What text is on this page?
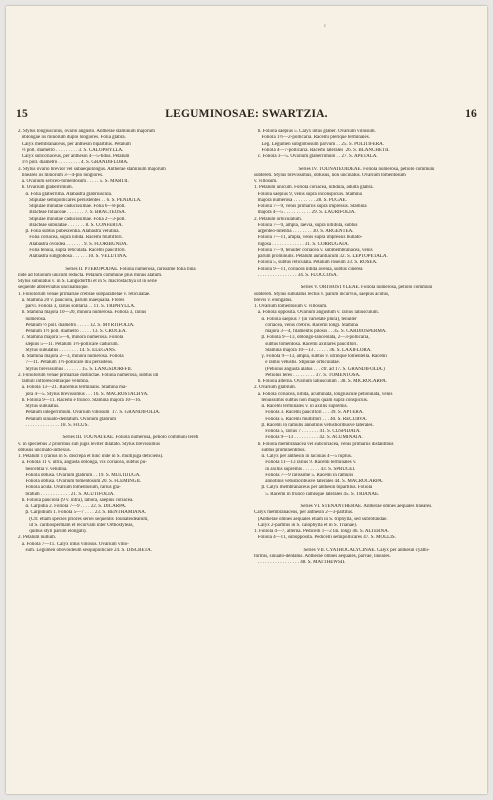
c
15	LEGUMINOSAE: SWARTZIA.	16
2. Stylus longiusculus, ovario angusto. Antherae staminum majorum
oblongae iis minorum duplo longiores. Folia glabra.
Calyx membranaceus, per anthesin bipartitus. Petalum
⅔ poll. diametro . . . . . . . . . 3. S. CALOPHYLLA.
Calyx subcoriaceus, per anthesin 4—5-fidus. Petalum
1½ poll. diametro . . . . . . . . . 4. S. GRANDIFLORA.
3. Stylus ovario brevior vel subaequilongus. Antherae staminum majorum
lineares iis minorum 3—4-plo longiores.
a. Ovarium sericeo-tomentosum . . . . . 5. S. MARTII.
b. Ovarium glaberrimum.
α. Folia glaberrima. Alabastra glabriuscula.
Stipulae semipollicares persistentes . . 6. S. PENDULA.
Stipulae minutae caducissimae. Folia 6—8-poll.
Bracteae foliaceae . . . . . . . 7. S. BRACTEOSA.
Stipulae minutae caducissimae. Folia 2—3-poll.
Bracteae subulatae . . . . . . . 8. S. CONFERTA.
β. Folia subtus pubescentia. Alabastra velutina.
Folia coriacea, supra nitida. Racemi multiflori.
Alabastra ovoidea . . . . . . . 9. S. FLORIBUNDA.
Folia tenuia, supra reticulata. Racemi pauciflori.
Alabastra subglobosa . . . . . . 10. S. VELUTINA.
Series II. PTEROPODAE. Foliola numerosa, rarissime folia bina
inde ad foliolum unicum reducta. Petalum commune plus minus alatum.
Stylus subulatus v. in S. Langsdorffii et in S. macrostachya ut in serie
sequente abbreviatus uncinatusque.
1. Foliolorum venae primariae crebrae subparallelae v. reticulatae.
a. Stamina 20 v. pauciora, parum inaequalia. Flores
parvi. Foliola 3, rarius solitaria . . 11. S. TRIPHYLLA.
b. Stamina majora 10—20, minora numerosa. Foliola 3, rarius
numerosa.
Petalum ½ poll. diametro . . . . . 12. S. MYRTIFOLIA.
Petalum 1½ poll. diametro . . . . . 13. S. CROCEA.
c. Stamina majora 5—6, minora numerosa. Foliola
sæpius 5—11. Petalum 1½-pollicare caducum.
Stylus subulatus . . . . . . . . 14. S. ELEGANS.
d. Stamina majora 2—3, minora numerosa. Foliola
7—11. Petalum 1½-pollicare diu persistens.
Stylus brevissimus . . . . . . . 15. S. LANGSDORFFII.
2. Foliolorum venae primariae distinctae. Foliola numerosa, subtus uti
ramuli inflorescentiaque velutina.
a. Foliola 13—21. Racemus terminalis. Stamina ma-
jora 4—5. Stylus brevissimus . . . 16. S. MACROSTACHYA.
b. Foliola 9—11. Racemi e trunco. Stamina majora 10—16.
Stylus subulatus.
Petalum integerrimum. Ovarium villosum  17. S. GRANDIFOLIA.
Petalum sinuato-dentatum. Ovarium glabrum
. . . . . . . . . . . . . . 18. S. FICUS.
Series III. TOUNATEAE. Foliola numerosa, petiolo communi tereti
v. in speciebus 2 prioribus sub jugis leviter dilatato. Stylus brevissimus
obtusus uncinato-inflexus.
1. Petalum 1 (rarius in S. discrepa et hinc inde in S. multijuga deficiens).
a. Foliola 11 v. ultra, angusta oblonga, vix coriacea, subtus pu-
bescentia v. velutina.
Foliola obtusa. Ovarium glabrum . . 19. S. MULTIJUGA.
Foliola obtusa. Ovarium tomentosum 20. S. FLEMINGII.
Foliola acuta. Ovarium tomentosum, rarius gla-
bratum . . . . . . . . . . . . 21. S. ACUTIFOLIA.
b. Foliola pauciora (9 v. infra), latiora, saepius coriacea.
α. Carpidia 2. Foliola 7—9 . . . . 22. S. DICARPA.
β. Carpidium 1. Foliola 5—7 . . . . 23. S. BENTHAMIANA.
(Cfr. etiam species priores seriei sequentis Tounateidearum,
ut S. cardiospermam et recurvam inter Orthostyleas,
quibus styli parum elongati).
2. Petalum nullum.
a. Foliola 7—11. Calyx intus villosus. Ovarium villo-
sum. Legumen obovoideum sesquipollicare 24. S. DISCRETA.
b. Foliola saepius 5. Calyx intus glaber. Ovarium villosum.
Foliola 1½—2-pollicaria. Racemi plerique terminales.
Leg. Legumen subglobosum parvum . . 25. S. POLITIFERA.
Foliola 4—7-pollicaria. Racemi laterales  26. S. BLANCHETII.
c. Foliola 3—5. Ovarium glaberrimum . . 27. S. APETALA.
Series IV. TOUNATEOIDEAE. Foliola numerosa, petiolo communi
subtereti. Stylus brevissimus, obtusus, non uncinatus. Ovarium tomentosum
v. villosum.
1. Petalum unicum. Foliola coriacea, nitidula, adulta glabra.
Foliola saepius 9, venis supra inconspicuis. Stamina
majora numerosa . . . . . . . . . 28. S. PUGAE.
Foliola 7—9, venis primariis supra impressis. Stamina
majora 4—5 . . . . . . . . . . . 29. S. LAURIFOLIA.
2. Petalum orbiculatum.
Foliola 7—9, ampla, laevia, supra nitidula, subtus
argenteo-nitentia . . . . . . . . 30. S. ARGENTEA.
Foliola 7—11, ampla, venis supra impressis bullato-
rugosa . . . . . . . . . . . . . 31. S. CORRUGATA.
Foliola 7—9, tenuiter coriacea v. submembranacea, venis
parum prominulis. Petalum aurantiacum 32. S. LEPTOPETALA.
Foliola 5, subtus reticulata. Petalum roseum 33. S. ROSEA.
Foliola 9—11, coriacea nitida avenia, subtus cinerea
. . . . . . . . . . . . . . . . 34. S. FLOCCOSA.
Series V. ORTHOSTYLEAE. Foliola numerosa, petiolo communi
subtereti. Stylus subulatus rectus v. parum incurvus, saepius acutus,
brevis v. elongatus.
1. Ovarium tomentosum v. villosum.
a. Foliola opposita. Ovarium angustum v. rarius latiusculum.
α. Foliola saepius 7 (in varietate plura), tenuiter
coriacea, venis crebris. Racemi longi. Stamina
majora 3—4, filamentis pilosis . . 35. S. CARDIOSPERMA.
β. Foliola 9—13, oblongo-lanceolata, 2—3-pollicaria,
subtus tomentosa. Racemi axillares pauciflori.
Stamina majora 10—13 . . . . . . 36. S. LAXIFLORA.
γ. Foliola 9—13, ampla, subtus v. utrinque tomentella. Racemi
e ramis vetustis. Stipulae orbiculatae.
(Petiolus angusta alatus . . . cfr. ad 17. S. GRANDIFOLIA.)
Petiolus teres . . . . . . . . . 37. S. TOMENTOSA.
b. Foliola alterna. Ovarium latiusculum . 38. S. MICROCARPA.
2. Ovarium glabrum.
a. Foliola coriacea, nitida, acuminata, longiuscule petiolulata, venis
tenuissimis subtus non magis quam supra conspicuis.
α. Racemi terminales v. in axillis supremis.
Foliola 3. Racemi pauciflori . . . 39. S. APTERA.
Foliola 5. Racemi multiflori . . . 40. S. RECURVA.
β. Racemi in ramulis annotinis vetustioribusve laterales.
Foliola 5, rarius 7 . . . . . . . 41. S. CUSPIDATA.
Foliola 9—13 . . . . . . . . . . 42. S. ACUMINATA.
b. Foliola membranacea vel subcoriacea, venis primariis distantibus
subtus prominentibus.
α. Calyx per anthesin in lacinias 4—5 ruptus.
Foliola 11—13 rarius 9. Racemi terminales v.
in axillis supremis . . . . . . . 43. S. SPRUCEI.
Foliola 7—9 rarissime 5. Racemi in ramulis
annotinis vetustioribusve laterales 44. S. MACROCARPA.
β. Calyx membranaceus per anthesin bipartitus. Foliola
5. Racemi in trunco ramisque laterales 45. S. TRIANAE.
Series VI. STENANTHERAE. Antherae omnes aequales lineares.
Calyx membranaceus, per anthesin 2—3-partitus.
(Antherae omnes aequales etiam in S. triphylla, sed subrotundae.
Calyx 2-partitus in S. calophylla et in S. Trianae).
1. Foliola 4—7, alterna. Pedicelli 1—2 lin. longi 46. S. ALTERNA.
Foliola 4—11, subopposita. Pedicelli semipollicares 47. S. MOLLIS.
Series VII. CYATHOCALYCINAE. Calyx per anthesin cyathi-
formis, sinuato-dentatus. Antherae omnes aequales, parvae, lineares.
. . . . . . . . . . . . . . . . . 48. S. MATTHEWSII.
